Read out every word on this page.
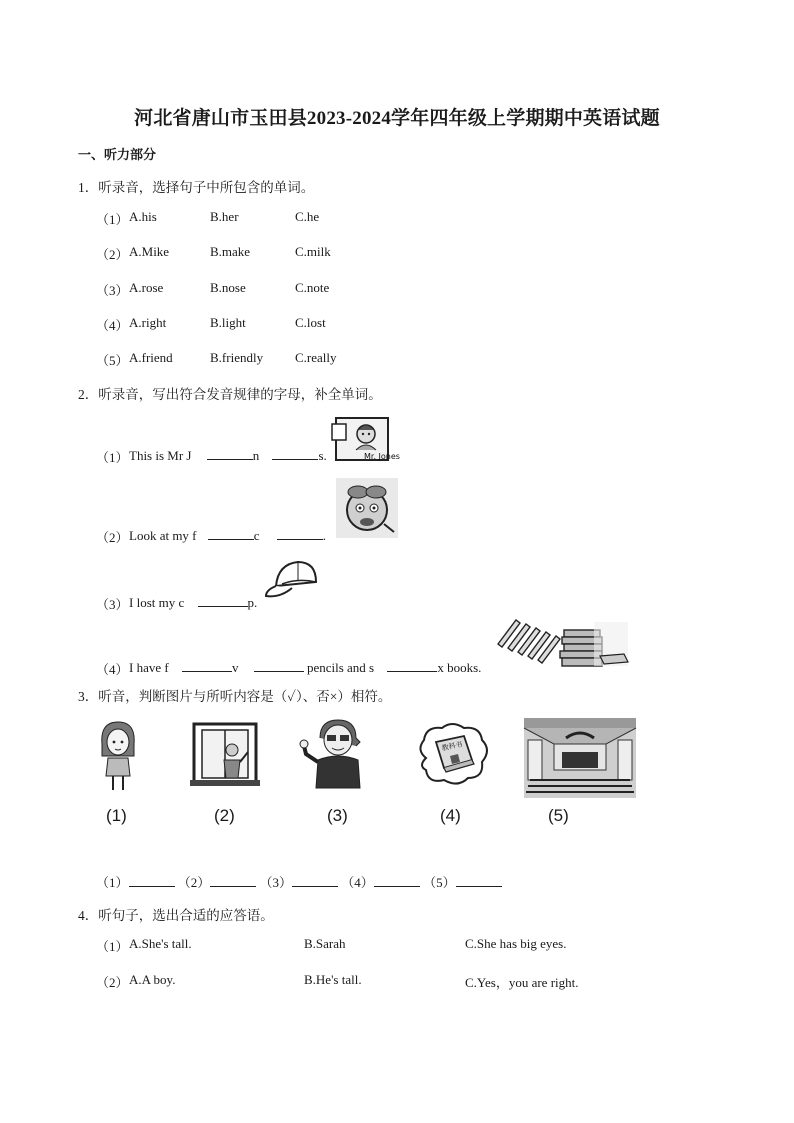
河北省唐山市玉田县2023-2024学年四年级上学期期中英语试题
一、听力部分
1．听录音，选择句子中所包含的单词。
（1） A.his	B.her	C.he
（2） A.Mike	B.make	C.milk
（3） A.rose	B.nose	C.note
（4） A.right	B.light	C.lost
（5） A.friend	B.friendly C.really
2．听录音，写出符合发音规律的字母，补全单词。
Mr. Jones
（1） This is Mr J	n	s.
（2） Look at my f	c	.
（3） I lost my c	p.
（4） I have f	v	pencils and s	x books.
3．听音，判断图片与所听内容是（✓）、否×）相符。
教科书
(1)	(2)	(3)	(4)	(5)
（1）	（2）	（3）	（4）	（5）
4．听句子，选出合适的应答语。
（1） A.She's tall.	B.Sarah	C.She has big eyes.
（2） A.A boy.	B.He's tall.	C.Yes，you are right.
